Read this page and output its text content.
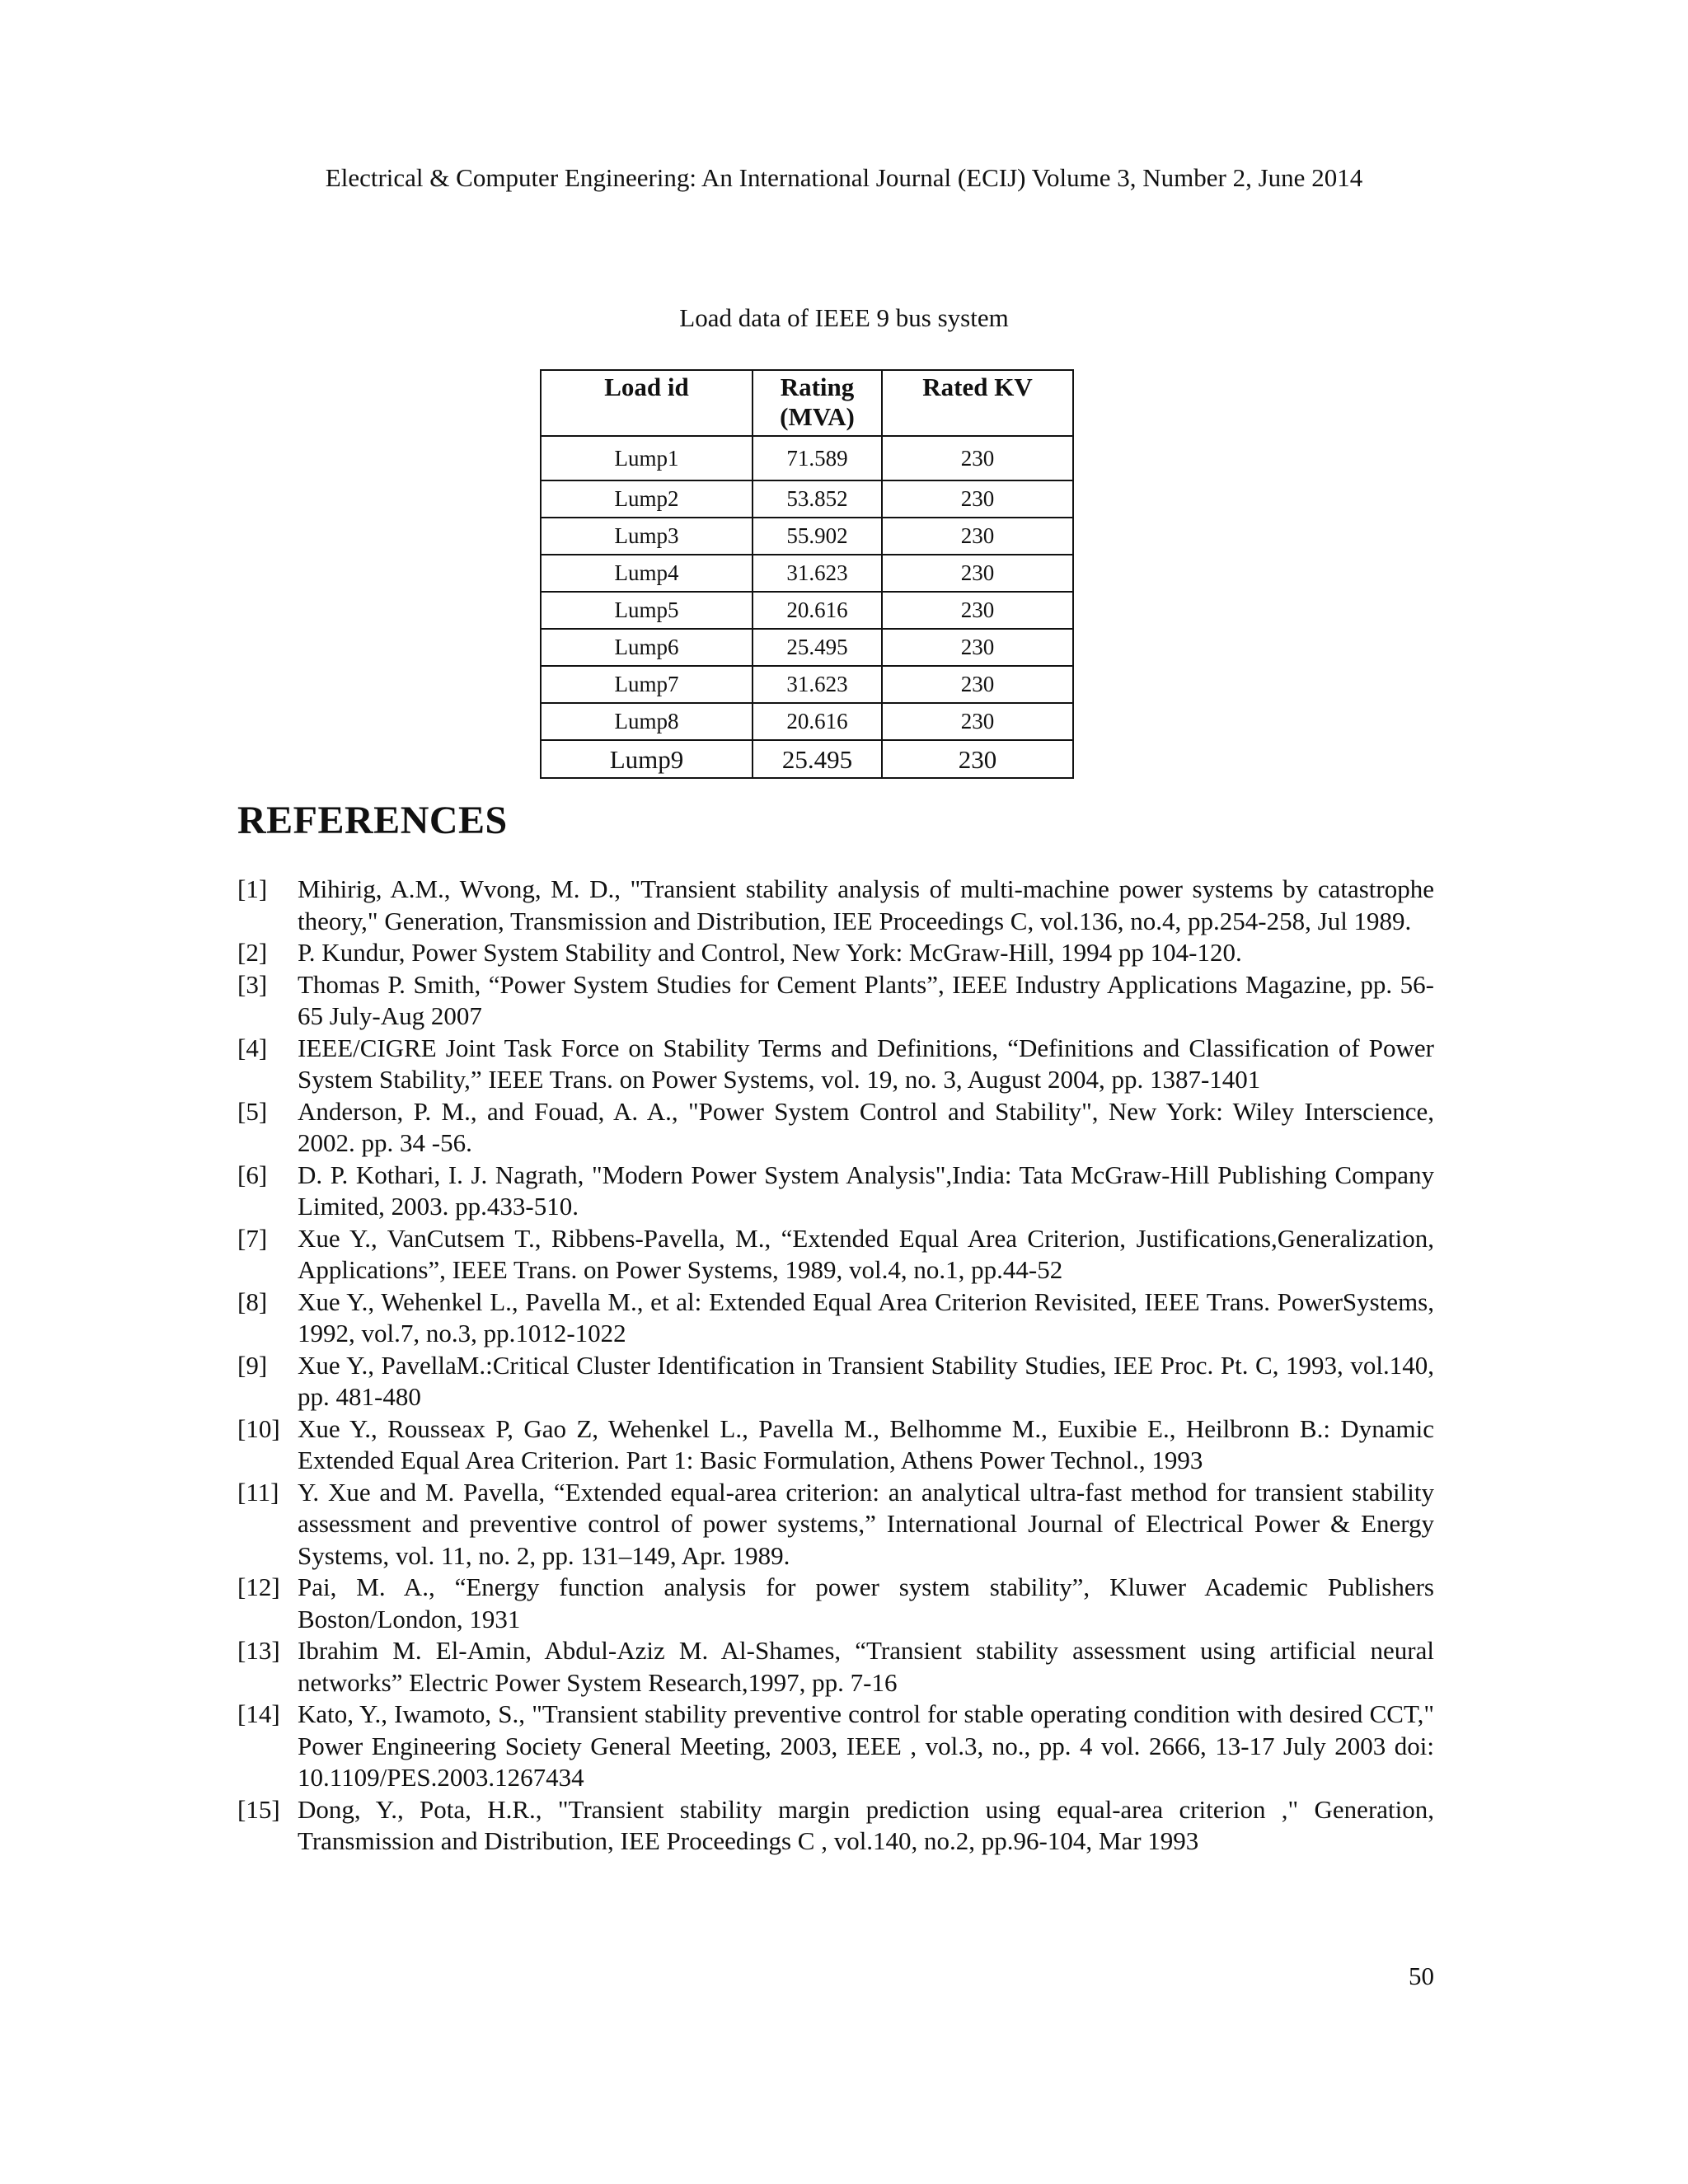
Electrical & Computer Engineering: An International Journal (ECIJ) Volume 3, Number 2, June 2014
Load data of IEEE 9 bus system
Load id	Rating (MVA)	Rated KV
Lump1	71.589	230
Lump2	53.852	230
Lump3	55.902	230
Lump4	31.623	230
Lump5	20.616	230
Lump6	25.495	230
Lump7	31.623	230
Lump8	20.616	230
Lump9	25.495	230
REFERENCES
[1]	Mihirig, A.M., Wvong, M. D., "Transient stability analysis of multi-machine power systems by catastrophe theory," Generation, Transmission and Distribution, IEE Proceedings C, vol.136, no.4, pp.254-258, Jul 1989.
[2]	P. Kundur, Power System Stability and Control, New York: McGraw-Hill, 1994 pp 104-120.
[3]	Thomas P. Smith, “Power System Studies for Cement Plants”, IEEE Industry Applications Magazine, pp. 56-65 July-Aug 2007
[4]	IEEE/CIGRE Joint Task Force on Stability Terms and Definitions, “Definitions and Classification of Power System Stability,” IEEE Trans. on Power Systems, vol. 19, no. 3, August 2004, pp. 1387-1401
[5]	Anderson, P. M., and Fouad, A. A., "Power System Control and Stability", New York: Wiley Interscience, 2002. pp. 34 -56.
[6]	D. P. Kothari, I. J. Nagrath, "Modern Power System Analysis",India: Tata McGraw-Hill Publishing Company Limited, 2003. pp.433-510.
[7]	Xue Y., VanCutsem T., Ribbens-Pavella, M., “Extended Equal Area Criterion, Justifications,Generalization, Applications”, IEEE Trans. on Power Systems, 1989, vol.4, no.1, pp.44-52
[8]	Xue Y., Wehenkel L., Pavella M., et al: Extended Equal Area Criterion Revisited, IEEE Trans. PowerSystems, 1992, vol.7, no.3, pp.1012-1022
[9]	Xue Y., PavellaM.:Critical Cluster Identification in Transient Stability Studies, IEE Proc. Pt. C, 1993, vol.140, pp. 481-480
[10] Xue Y., Rousseax P, Gao Z, Wehenkel L., Pavella M., Belhomme M., Euxibie E., Heilbronn B.: Dynamic Extended Equal Area Criterion. Part 1: Basic Formulation, Athens Power Technol., 1993
[11] Y. Xue and M. Pavella, “Extended equal-area criterion: an analytical ultra-fast method for transient stability assessment and preventive control of power systems,” International Journal of Electrical Power & Energy Systems, vol. 11, no. 2, pp. 131–149, Apr. 1989.
[12] Pai, M. A., “Energy function analysis for power system stability”, Kluwer Academic Publishers Boston/London, 1931
[13] Ibrahim M. El-Amin, Abdul-Aziz M. Al-Shames, “Transient stability assessment using artificial neural networks” Electric Power System Research,1997, pp. 7-16
[14] Kato, Y., Iwamoto, S., "Transient stability preventive control for stable operating condition with desired CCT," Power Engineering Society General Meeting, 2003, IEEE , vol.3, no., pp. 4 vol. 2666, 13-17 July 2003 doi: 10.1109/PES.2003.1267434
[15] Dong, Y., Pota, H.R., "Transient stability margin prediction using equal-area criterion ," Generation, Transmission and Distribution, IEE Proceedings C , vol.140, no.2, pp.96-104, Mar 1993
50
